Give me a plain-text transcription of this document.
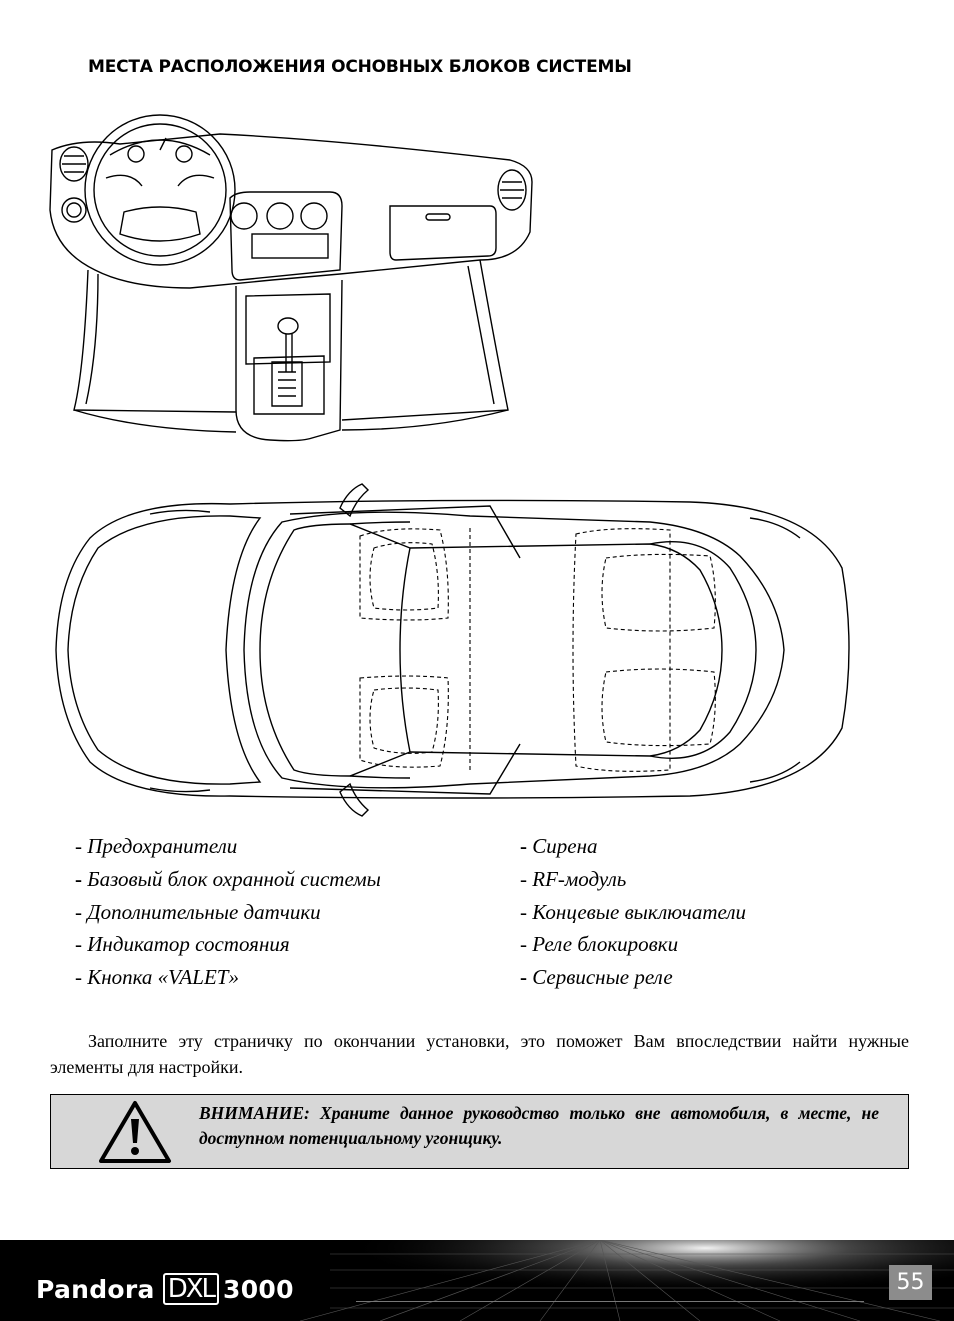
МЕСТА РАСПОЛОЖЕНИЯ ОСНОВНЫХ БЛОКОВ СИСТЕМЫ
- Предохранители
- Базовый блок охранной системы
- Дополнительные датчики
- Индикатор состояния
- Кнопка «VALET»
- Сирена
- RF-модуль
- Концевые выключатели
- Реле блокировки
- Сервисные реле
Заполните эту страничку по окончании установки, это поможет Вам впоследствии найти нужные элементы для настройки.
ВНИМАНИЕ: Храните данное руководство только вне автомобиля, в месте, не доступном потенциальному угонщику.
Pandora DXL 3000	55
